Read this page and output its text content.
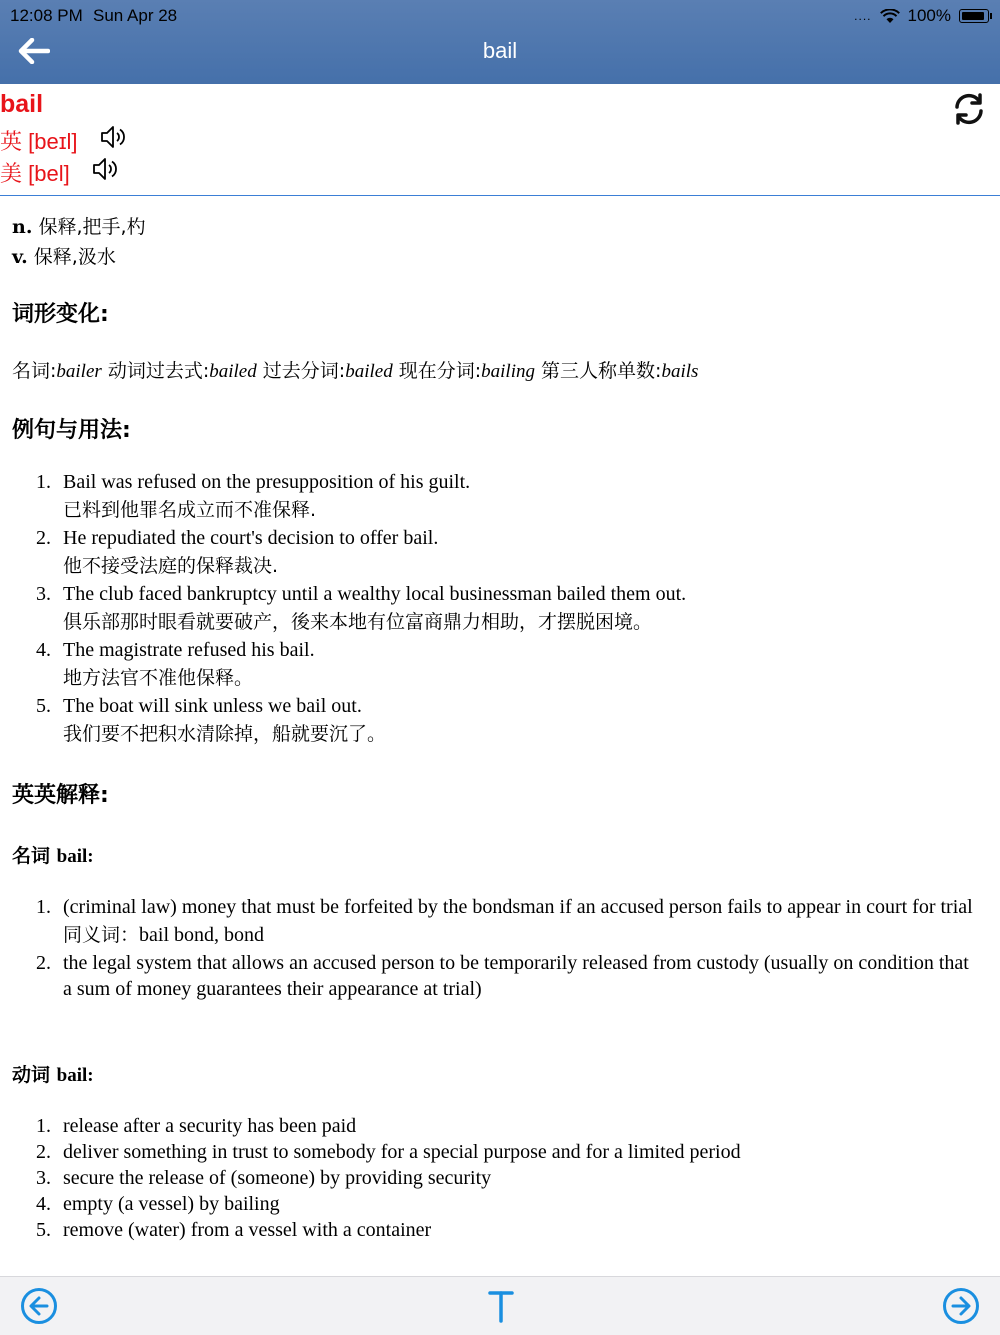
12:08 PM Sun Apr 28	.... 100%
bail
bail
英 [beɪl]
美 [bel]
n. 保释,把手,杓
v. 保释,汲水
词形变化:
名词:bailer 动词过去式:bailed 过去分词:bailed 现在分词:bailing 第三人称单数:bails
例句与用法:
1. Bail was refused on the presupposition of his guilt.
已料到他罪名成立而不准保释.
2. He repudiated the court's decision to offer bail.
他不接受法庭的保释裁决.
3. The club faced bankruptcy until a wealthy local businessman bailed them out.
俱乐部那时眼看就要破产，後来本地有位富商鼎力相助，才摆脱困境。
4. The magistrate refused his bail.
地方法官不准他保释。
5. The boat will sink unless we bail out.
我们要不把积水清除掉，船就要沉了。
英英解释:
名词 bail:
1. (criminal law) money that must be forfeited by the bondsman if an accused person fails to appear in court for trial
同义词：bail bond, bond
2. the legal system that allows an accused person to be temporarily released from custody (usually on condition that a sum of money guarantees their appearance at trial)
动词 bail:
1. release after a security has been paid
2. deliver something in trust to somebody for a special purpose and for a limited period
3. secure the release of (someone) by providing security
4. empty (a vessel) by bailing
5. remove (water) from a vessel with a container
